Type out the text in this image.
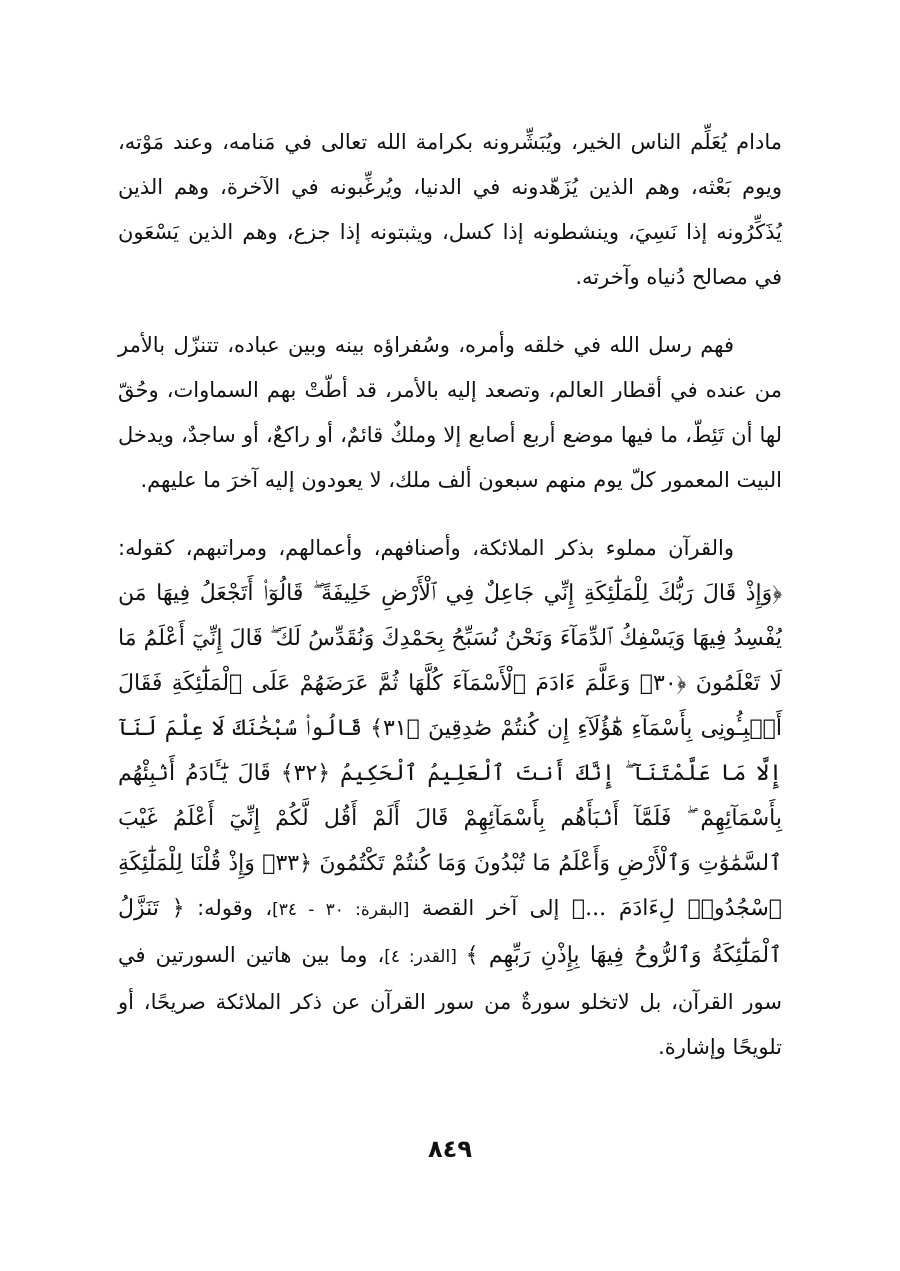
مادام يُعَلِّم الناس الخير، ويُبَشِّرونه بكرامة الله تعالى في مَنامه، وعند مَوْته، ويوم بَعْثه، وهم الذين يُزَهّدونه في الدنيا، ويُرغِّبونه في الآخرة، وهم الذين يُذَكِّرُونه إذا نَسِيَ، وينشطونه إذا كسل، ويثبتونه إذا جزع، وهم الذين يَسْعَون في مصالح دُنياه وآخرته.

فهم رسل الله في خلقه وأمره، وسُفراؤه بينه وبين عباده، تتنزّل بالأمر من عنده في أقطار العالم، وتصعد إليه بالأمر، قد أطّتْ بهم السماوات، وحُقّ لها أن تَئِطّ، ما فيها موضع أربع أصابع إلا وملكٌ قائمٌ، أو راكعٌ، أو ساجدٌ، ويدخل البيت المعمور كلّ يوم منهم سبعون ألف ملك، لا يعودون إليه آخرَ ما عليهم.

والقرآن مملوء بذكر الملائكة، وأصنافهم، وأعمالهم، ومراتبهم، كقوله: ﴿وَإِذْ قَالَ رَبُّكَ لِلْمَلَٰٓئِكَةِ إِنِّي جَاعِلٌ فِي ٱلْأَرْضِ خَلِيفَةً ۖ قَالُوٓا۟ أَتَجْعَلُ فِيهَا مَن يُفْسِدُ فِيهَا وَيَسْفِكُ ٱلدِّمَآءَ وَنَحْنُ نُسَبِّحُ بِحَمْدِكَ وَنُقَدِّسُ لَكَ ۖ قَالَ إِنِّيٓ أَعْلَمُ مَا لَا تَعْلَمُونَ ﴿٣٠﴾ وَعَلَّمَ ءَادَمَ ٱلْأَسْمَآءَ كُلَّهَا ثُمَّ عَرَضَهُمْ عَلَى ٱلْمَلَٰٓئِكَةِ فَقَالَ أَنۢبِـُٔونِى بِأَسْمَآءِ هَٰٓؤُلَآءِ إِن كُنتُمْ صَٰدِقِينَ ﴿٣١﴾ قَالُوا۟ سُبْحَٰنَكَ لَا عِلْمَ لَنَآ إِلَّا مَا عَلَّمْتَنَآ ۖ إِنَّكَ أَنتَ ٱلْعَلِيمُ ٱلْحَكِيمُ ﴿٣٢﴾ قَالَ يَٰٓـَٔادَمُ أَنۢبِئْهُم بِأَسْمَآئِهِمْ ۖ فَلَمَّآ أَنۢبَأَهُم بِأَسْمَآئِهِمْ قَالَ أَلَمْ أَقُل لَّكُمْ إِنِّيٓ أَعْلَمُ غَيْبَ ٱلسَّمَٰوَٰتِ وَٱلْأَرْضِ وَأَعْلَمُ مَا تُبْدُونَ وَمَا كُنتُمْ تَكْتُمُونَ ﴿٣٣﴾ وَإِذْ قُلْنَا لِلْمَلَٰٓئِكَةِ ٱسْجُدُوا۟ لِءَادَمَ ...﴾ إلى آخر القصة [البقرة: ٣٠ - ٣٤]، وقوله: ﴿ تَنَزَّلُ ٱلْمَلَٰٓئِكَةُ وَٱلرُّوحُ فِيهَا بِإِذْنِ رَبِّهِم ﴾ [القدر: ٤]، وما بين هاتين السورتين في سور القرآن، بل لاتخلو سورةٌ من سور القرآن عن ذكر الملائكة صريحًا، أو تلويحًا وإشارة.

٨٤٩
